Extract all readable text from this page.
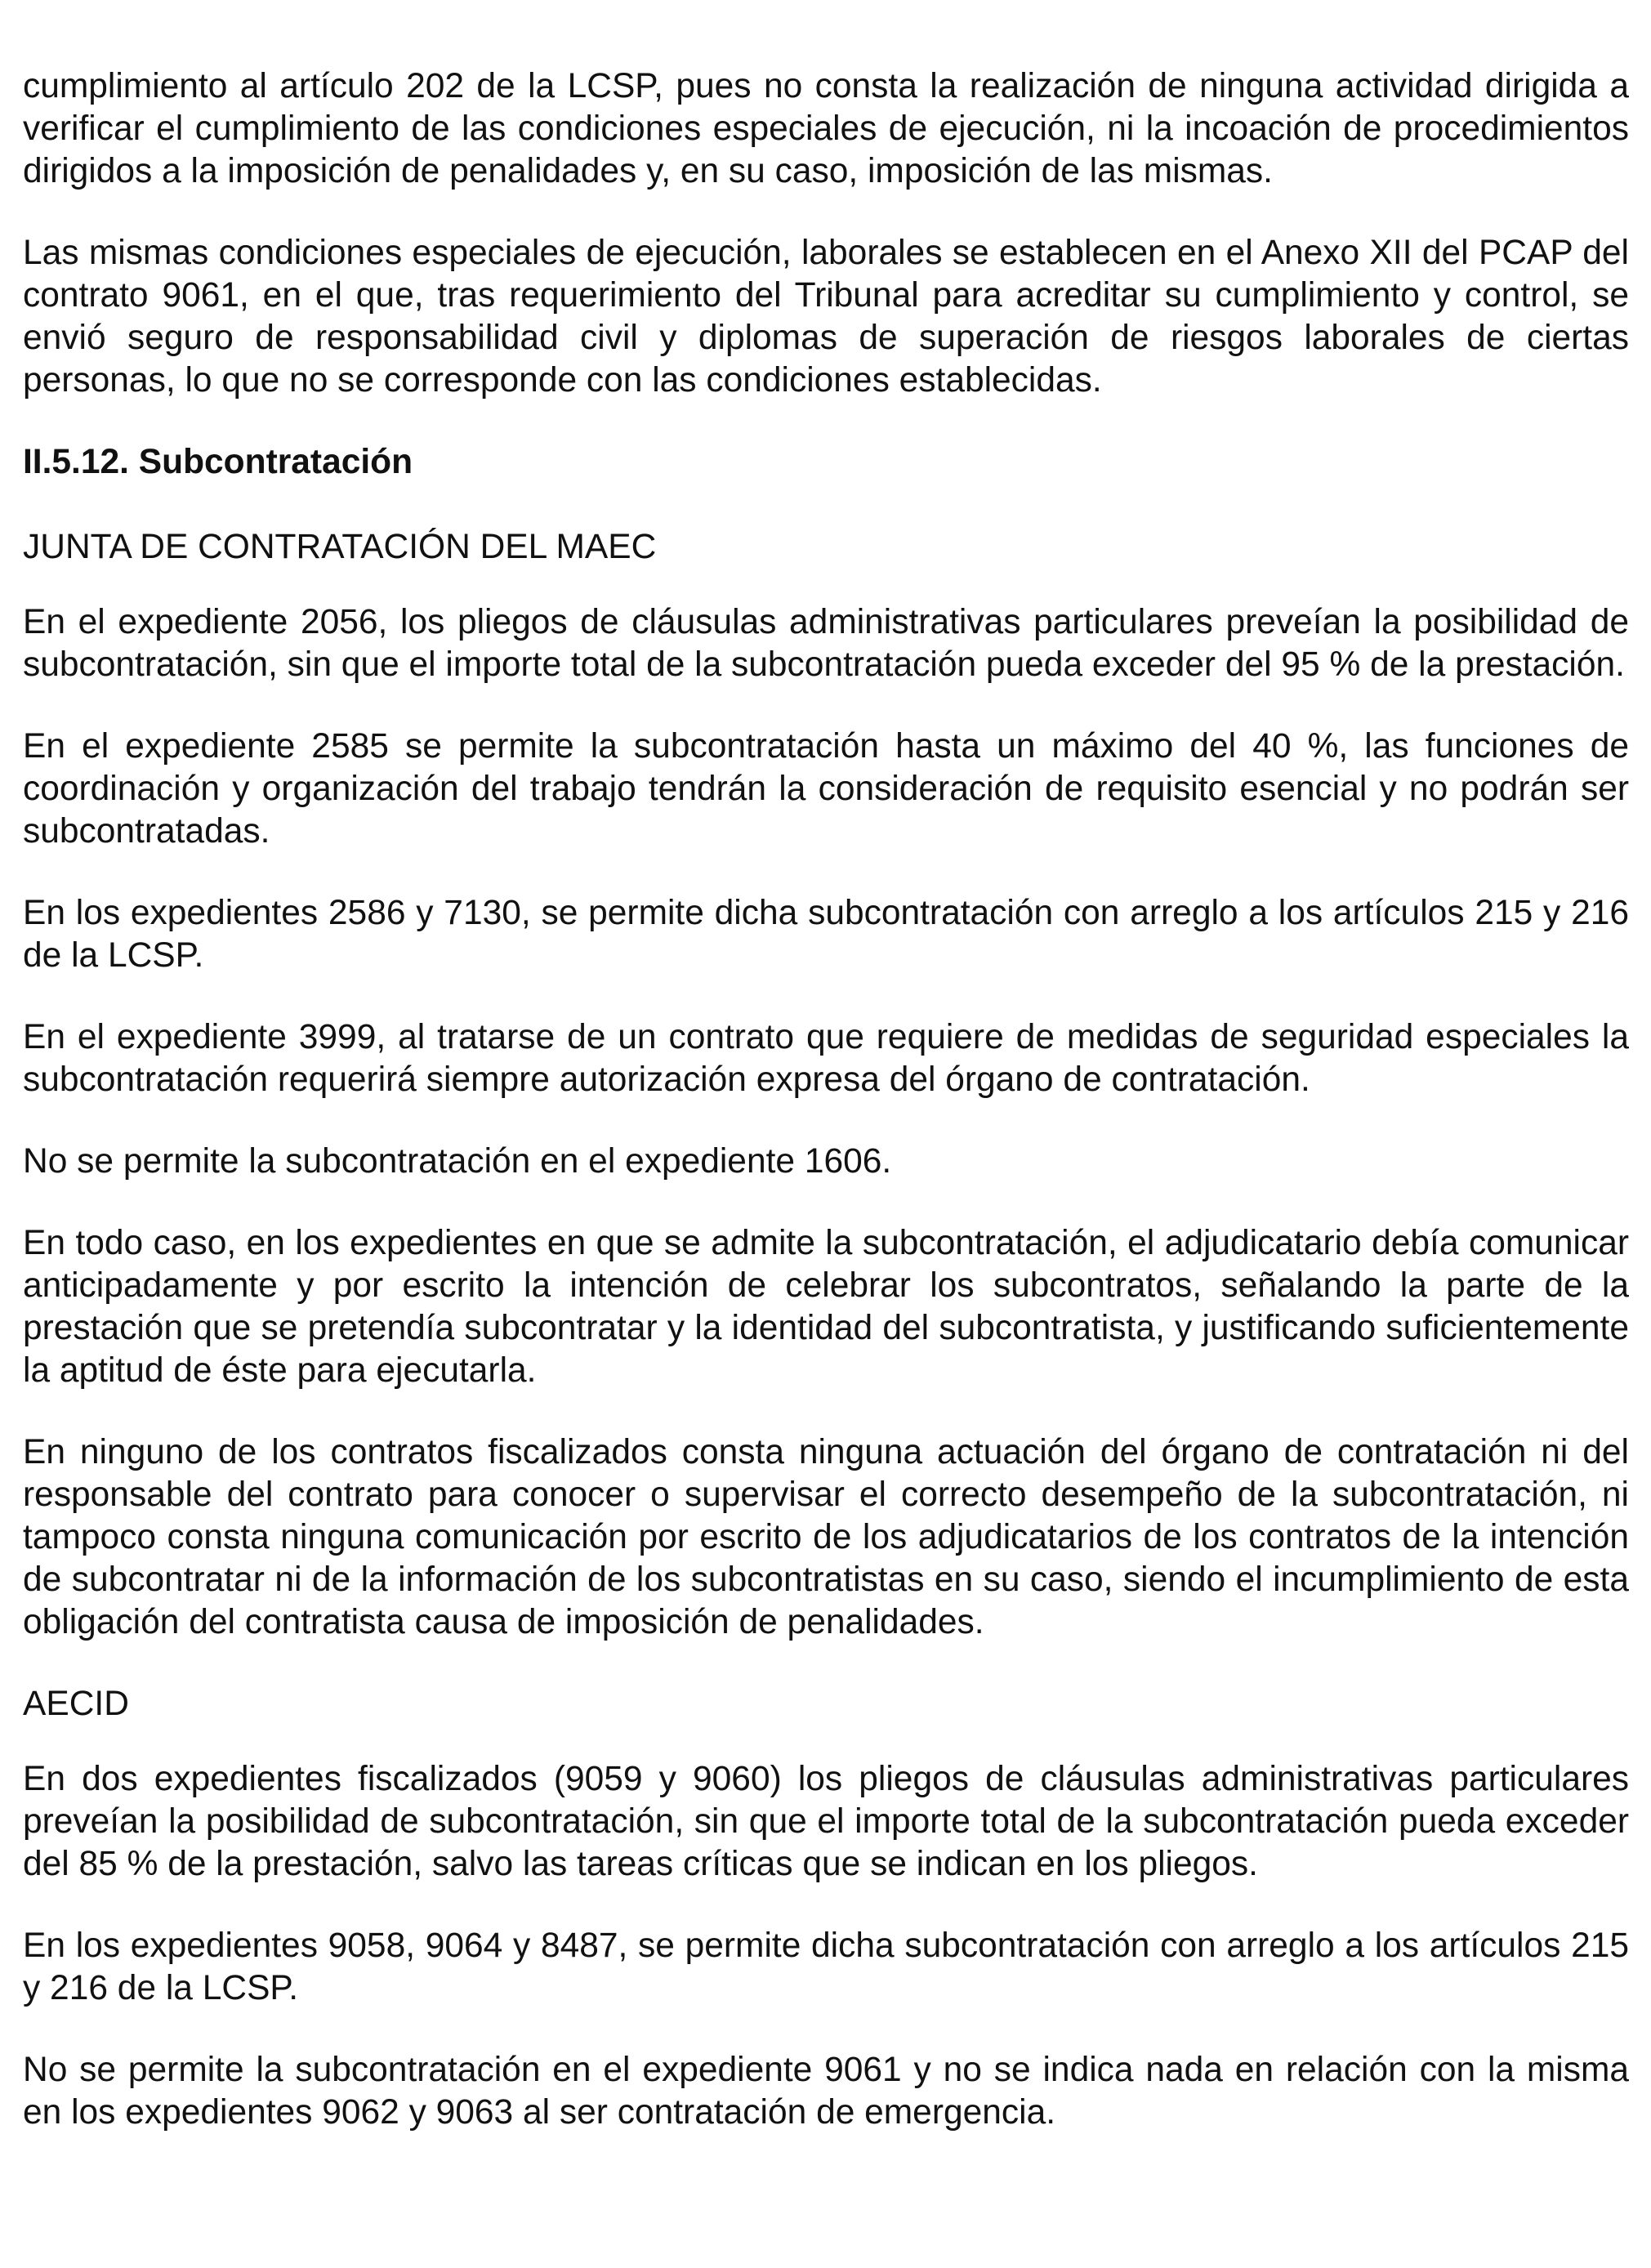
cumplimiento al artículo 202 de la LCSP, pues no consta la realización de ninguna actividad dirigida a verificar el cumplimiento de las condiciones especiales de ejecución, ni la incoación de procedimientos dirigidos a la imposición de penalidades y, en su caso, imposición de las mismas.

Las mismas condiciones especiales de ejecución, laborales se establecen en el Anexo XII del PCAP del contrato 9061, en el que, tras requerimiento del Tribunal para acreditar su cumplimiento y control, se envió seguro de responsabilidad civil y diplomas de superación de riesgos laborales de ciertas personas, lo que no se corresponde con las condiciones establecidas.

II.5.12. Subcontratación

JUNTA DE CONTRATACIÓN DEL MAEC

En el expediente 2056, los pliegos de cláusulas administrativas particulares preveían la posibilidad de subcontratación, sin que el importe total de la subcontratación pueda exceder del 95 % de la prestación.

En el expediente 2585 se permite la subcontratación hasta un máximo del 40 %, las funciones de coordinación y organización del trabajo tendrán la consideración de requisito esencial y no podrán ser subcontratadas.

En los expedientes 2586 y 7130, se permite dicha subcontratación con arreglo a los artículos 215 y 216 de la LCSP.

En el expediente 3999, al tratarse de un contrato que requiere de medidas de seguridad especiales la subcontratación requerirá siempre autorización expresa del órgano de contratación.

No se permite la subcontratación en el expediente 1606.

En todo caso, en los expedientes en que se admite la subcontratación, el adjudicatario debía comunicar anticipadamente y por escrito la intención de celebrar los subcontratos, señalando la parte de la prestación que se pretendía subcontratar y la identidad del subcontratista, y justificando suficientemente la aptitud de éste para ejecutarla.

En ninguno de los contratos fiscalizados consta ninguna actuación del órgano de contratación ni del responsable del contrato para conocer o supervisar el correcto desempeño de la subcontratación, ni tampoco consta ninguna comunicación por escrito de los adjudicatarios de los contratos de la intención de subcontratar ni de la información de los subcontratistas en su caso, siendo el incumplimiento de esta obligación del contratista causa de imposición de penalidades.

AECID

En dos expedientes fiscalizados (9059 y 9060) los pliegos de cláusulas administrativas particulares preveían la posibilidad de subcontratación, sin que el importe total de la subcontratación pueda exceder del 85 % de la prestación, salvo las tareas críticas que se indican en los pliegos.

En los expedientes 9058, 9064 y 8487, se permite dicha subcontratación con arreglo a los artículos 215 y 216 de la LCSP.

No se permite la subcontratación en el expediente 9061 y no se indica nada en relación con la misma en los expedientes 9062 y 9063 al ser contratación de emergencia.
